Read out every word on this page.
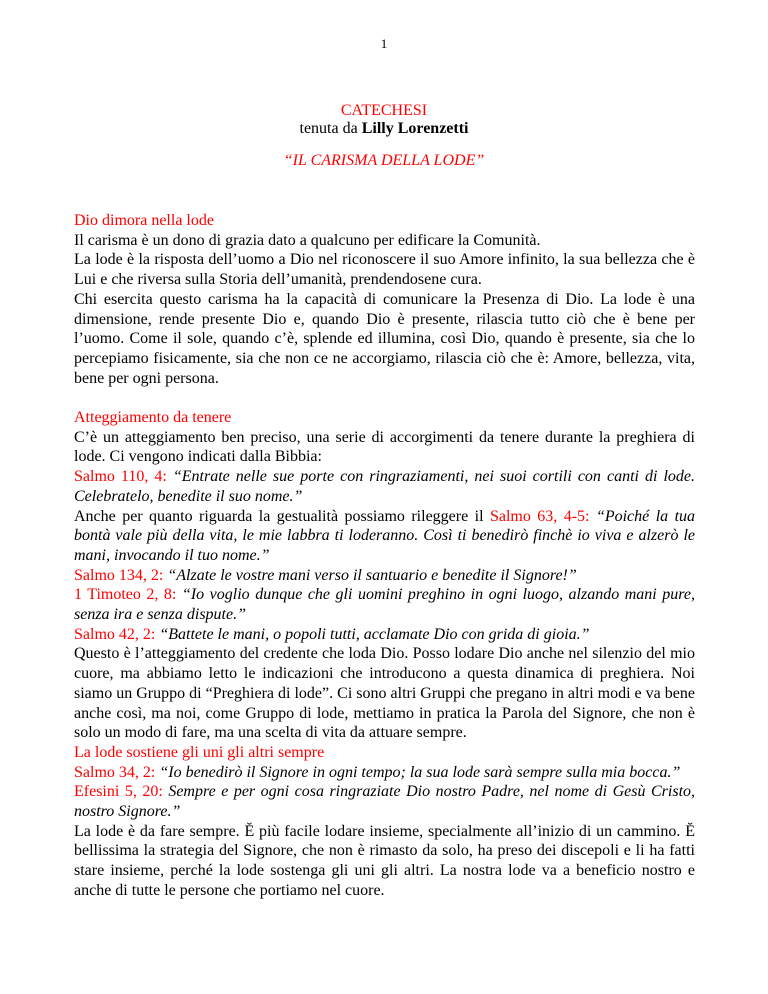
1
CATECHESI
tenuta da Lilly Lorenzetti
“IL CARISMA DELLA LODE”

Dio dimora nella lode

Il carisma è un dono di grazia dato a qualcuno per edificare la Comunità.

La lode è la risposta dell’uomo a Dio nel riconoscere il suo Amore infinito, la sua bellezza che è Lui e che riversa sulla Storia dell’umanità, prendendosene cura.

Chi esercita questo carisma ha la capacità di comunicare la Presenza di Dio. La lode è una dimensione, rende presente Dio e, quando Dio è presente, rilascia tutto ciò che è bene per l’uomo. Come il sole, quando c’è, splende ed illumina, così Dio, quando è presente, sia che lo percepiamo fisicamente, sia che non ce ne accorgiamo, rilascia ciò che è: Amore, bellezza, vita, bene per ogni persona.

Atteggiamento da tenere

C’è un atteggiamento ben preciso, una serie di accorgimenti da tenere durante la preghiera di lode. Ci vengono indicati dalla Bibbia:

Salmo 110, 4: “Entrate nelle sue porte con ringraziamenti, nei suoi cortili con canti di lode. Celebratelo, benedite il suo nome.”

Anche per quanto riguarda la gestualità possiamo rileggere il Salmo 63, 4-5: “Poiché la tua bontà vale più della vita, le mie labbra ti loderanno. Così ti benedirò finchè io viva e alzerò le mani, invocando il tuo nome.”

Salmo 134, 2: “Alzate le vostre mani verso il santuario e benedite il Signore!”

1 Timoteo 2, 8: “Io voglio dunque che gli uomini preghino in ogni luogo, alzando mani pure, senza ira e senza dispute.”

Salmo 42, 2: “Battete le mani, o popoli tutti, acclamate Dio con grida di gioia.”

Questo è l’atteggiamento del credente che loda Dio. Posso lodare Dio anche nel silenzio del mio cuore, ma abbiamo letto le indicazioni che introducono a questa dinamica di preghiera. Noi siamo un Gruppo di “Preghiera di lode”. Ci sono altri Gruppi che pregano in altri modi e va bene anche così, ma noi, come Gruppo di lode, mettiamo in pratica la Parola del Signore, che non è solo un modo di fare, ma una scelta di vita da attuare sempre.

La lode sostiene gli uni gli altri sempre

Salmo 34, 2: “Io benedirò il Signore in ogni tempo; la sua lode sarà sempre sulla mia bocca.”

Efesini 5, 20: Sempre e per ogni cosa ringraziate Dio nostro Padre, nel nome di Gesù Cristo, nostro Signore.”

La lode è da fare sempre. Ĕ più facile lodare insieme, specialmente all’inizio di un cammino. Ĕ bellissima la strategia del Signore, che non è rimasto da solo, ha preso dei discepoli e li ha fatti stare insieme, perché la lode sostenga gli uni gli altri. La nostra lode va a beneficio nostro e anche di tutte le persone che portiamo nel cuore.
